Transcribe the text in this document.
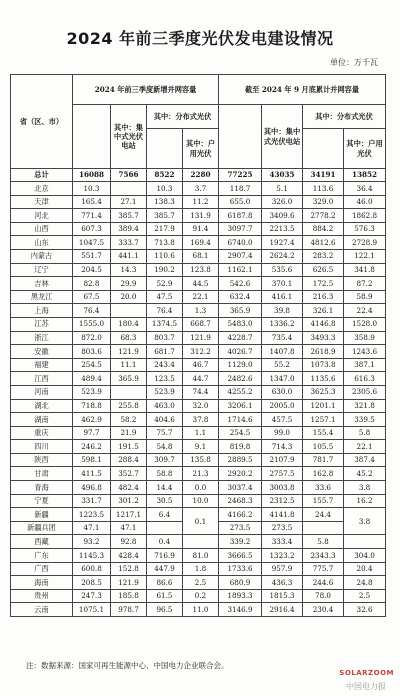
2024 年前三季度光伏发电建设情况
单位：万千瓦
省（区、市）	2024 年前三季度新增并网容量				截至 2024 年 9 月底累计并网容量			
		其中：集中式光伏电站	其中：分布式光伏			其中：集中式光伏电站	其中：分布式光伏	
				其中：户用光伏				其中：户用光伏

总计	16088	7566	8522	2280	77225	43035	34191	13852
北京	10.3		10.3	3.7	118.7	5.1	113.6	36.4
天津	165.4	27.1	138.3	11.2	655.0	326.0	329.0	46.0
河北	771.4	385.7	385.7	131.9	6187.8	3409.6	2778.2	1862.8
山西	607.3	389.4	217.9	91.4	3097.7	2213.5	884.2	576.3
山东	1047.5	333.7	713.8	169.4	6740.0	1927.4	4812.6	2728.9
内蒙古	551.7	441.1	110.6	68.1	2907.4	2624.2	283.2	122.1
辽宁	204.5	14.3	190.2	123.8	1162.1	535.6	626.5	341.8
吉林	82.8	29.9	52.9	44.5	542.6	370.1	172.5	87.2
黑龙江	67.5	20.0	47.5	22.1	632.4	416.1	216.3	58.9
上海	76.4		76.4	1.3	365.9	39.8	326.1	22.4
江苏	1555.0	180.4	1374.5	668.7	5483.0	1336.2	4146.8	1528.0
浙江	872.0	68.3	803.7	121.9	4228.7	735.4	3493.3	358.9
安徽	803.6	121.9	681.7	312.2	4026.7	1407.8	2618.9	1243.6
福建	254.5	11.1	243.4	46.7	1129.0	55.2	1073.8	387.1
江西	489.4	365.9	123.5	44.7	2482.6	1347.0	1135.6	616.3
河南	523.9		523.9	74.4	4255.2	630.0	3625.3	2305.6
湖北	718.8	255.8	463.0	32.0	3206.1	2005.0	1201.1	321.8
湖南	462.9	58.2	404.6	37.8	1714.6	457.5	1257.1	339.5
重庆	97.7	21.9	75.7	1.1	254.5	99.0	155.4	5.8
四川	246.2	191.5	54.8	9.1	819.8	714.3	105.5	22.1
陕西	598.1	288.4	309.7	135.8	2889.5	2107.9	781.7	387.4
甘肃	411.5	352.7	58.8	21.3	2920.2	2757.5	162.8	45.2
青海	496.8	482.4	14.4	0.0	3037.4	3003.8	33.6	3.8
宁夏	331.7	301.2	30.5	10.0	2468.3	2312.5	155.7	16.2
新疆	1223.5	1217.1	6.4	0.1	4166.2	4141.8	24.4	3.8
新疆兵团	47.1	47.1			273.5	273.5		
西藏	93.2	92.8	0.4		339.2	333.4	5.8	
广东	1145.3	428.4	716.9	81.0	3666.5	1323.2	2343.3	304.0
广西	600.8	152.8	447.9	1.8	1733.6	957.9	775.7	20.4
海南	208.5	121.9	86.6	2.5	680.9	436.3	244.6	24.8
贵州	247.3	185.8	61.5	0.2	1893.3	1815.3	78.0	2.5
云南	1075.1	978.7	96.5	11.0	3146.9	2916.4	230.4	32.6
注：数据来源：国家可再生能源中心、中国电力企业联合会。
SOLARZOOM
中国电力报
